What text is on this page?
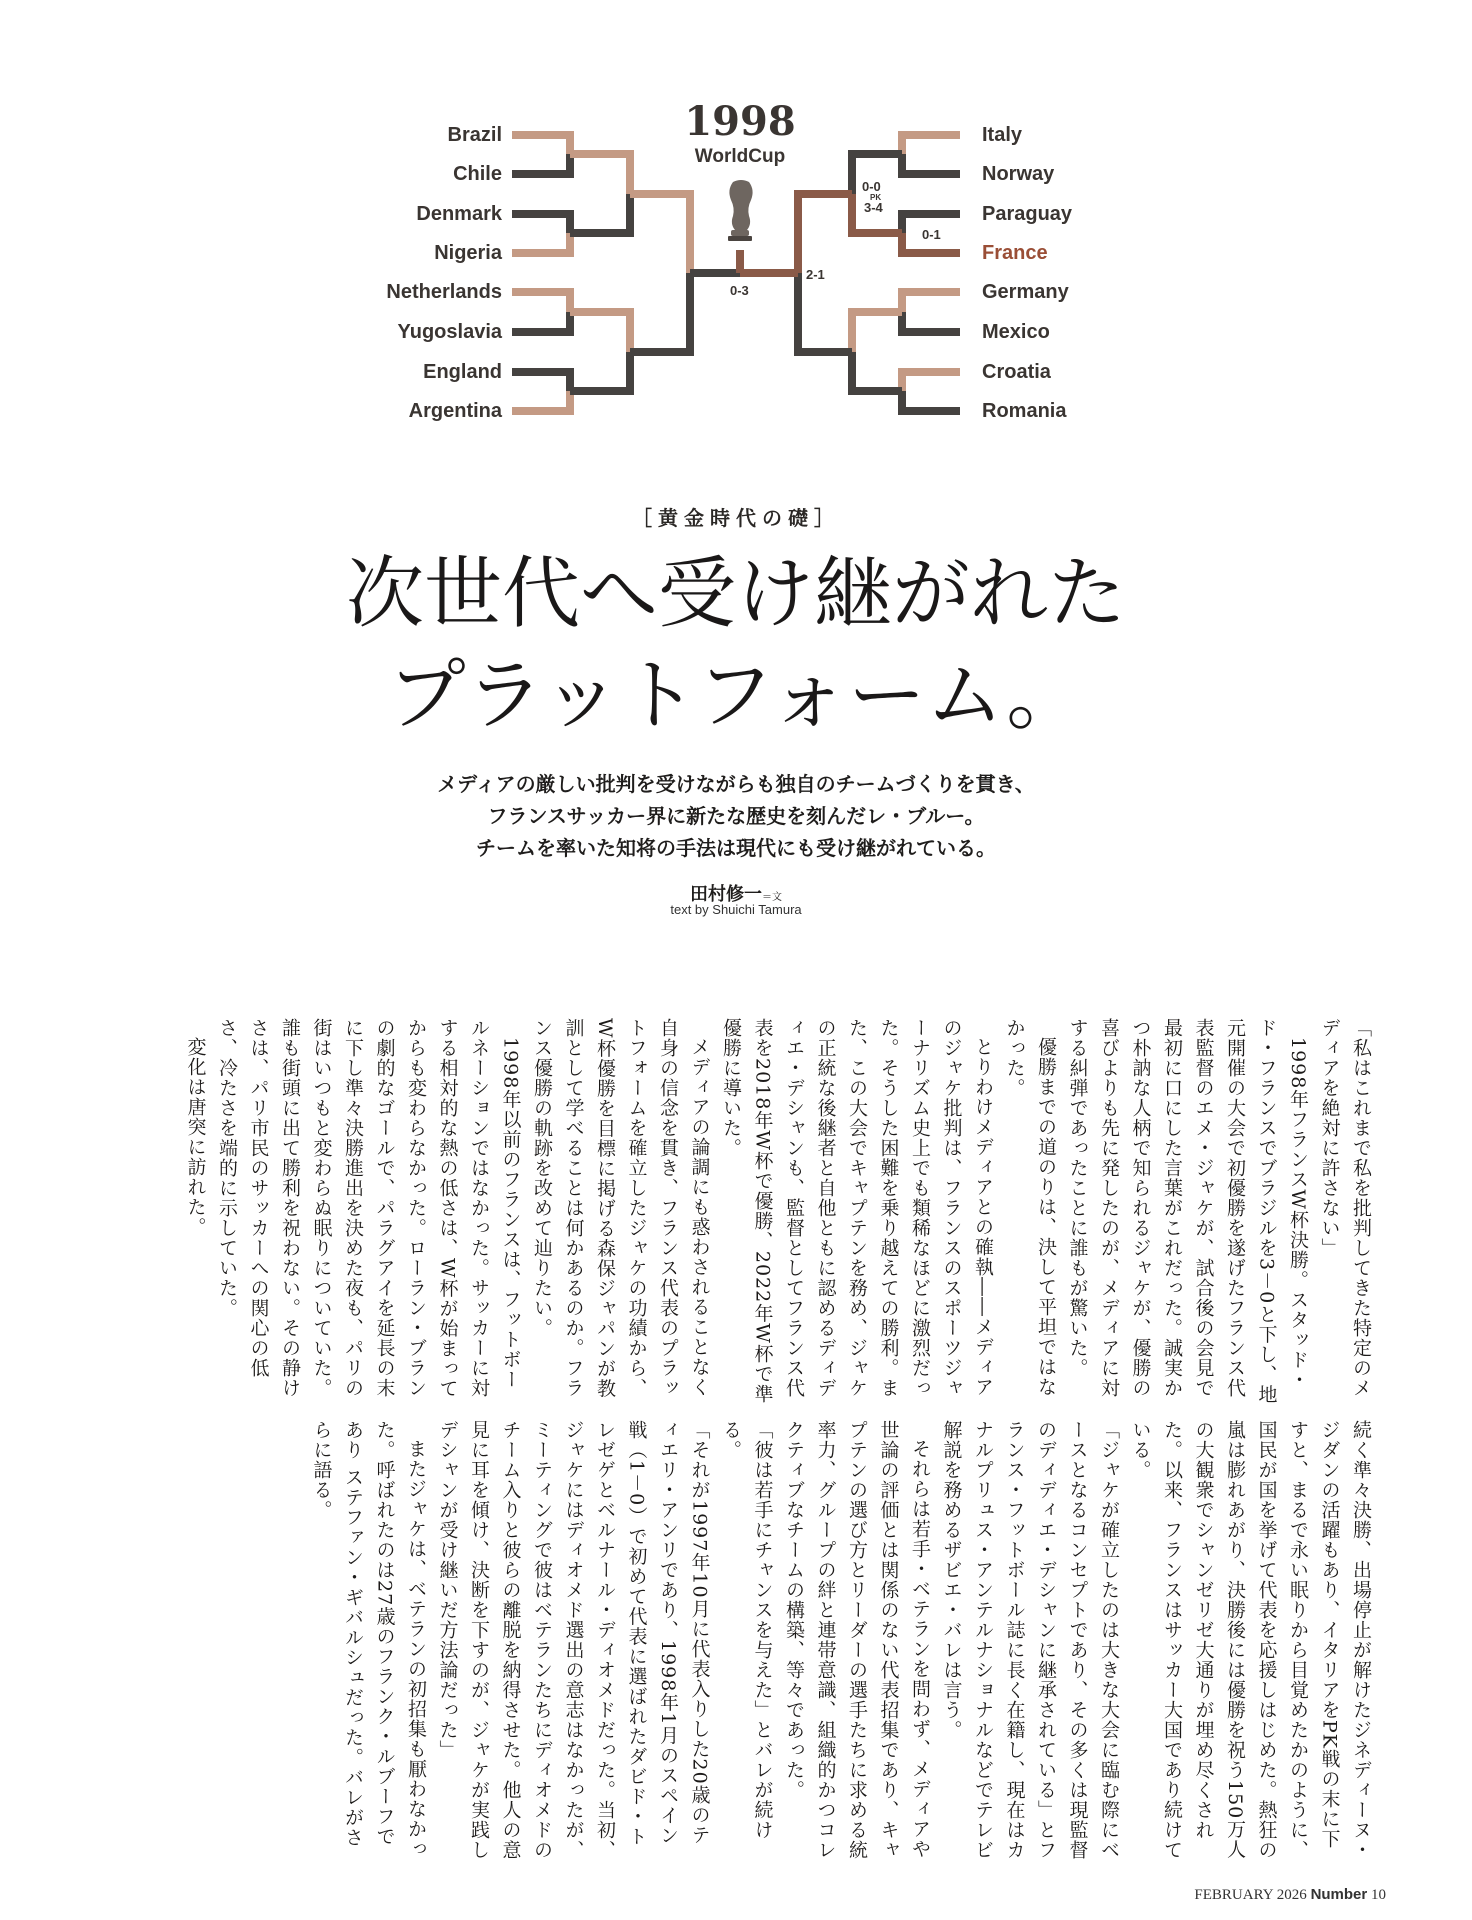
1998
WorldCup
Brazil
Chile
Denmark
Nigeria
Netherlands
Yugoslavia
England
Argentina
Italy
Norway
Paraguay
France
Germany
Mexico
Croatia
Romania
0-3
2-1
0-0
PK
3-4
0-1
［黄金時代の礎］
次世代へ受け継がれた
プラットフォーム。
メディアの厳しい批判を受けながらも独自のチームづくりを貫き、
フランスサッカー界に新たな歴史を刻んだレ・ブルー。
チームを率いた知将の手法は現代にも受け継がれている。
田村修一＝文
text by Shuichi Tamura

「私はこれまで私を批判してきた特定のメディアを絶対に許さない」

1998年フランスW杯決勝。スタッド・ド・フランスでブラジルを3－0と下し、地元開催の大会で初優勝を遂げたフランス代表監督のエメ・ジャケが、試合後の会見で最初に口にした言葉がこれだった。誠実かつ朴訥な人柄で知られるジャケが、優勝の喜びよりも先に発したのが、メディアに対する糾弾であったことに誰もが驚いた。

優勝までの道のりは、決して平坦ではなかった。

とりわけメディアとの確執――メディアのジャケ批判は、フランスのスポーツジャーナリズム史上でも類稀なほどに激烈だった。そうした困難を乗り越えての勝利。また、この大会でキャプテンを務め、ジャケの正統な後継者と自他ともに認めるディディエ・デシャンも、監督としてフランス代表を2018年W杯で優勝、2022年W杯で準優勝に導いた。

メディアの論調にも惑わされることなく自身の信念を貫き、フランス代表のプラットフォームを確立したジャケの功績から、W杯優勝を目標に掲げる森保ジャパンが教訓として学べることは何かあるのか。フランス優勝の軌跡を改めて辿りたい。

1998年以前のフランスは、フットボールネーションではなかった。サッカーに対する相対的な熱の低さは、W杯が始まってからも変わらなかった。ローラン・ブランの劇的なゴールで、パラグアイを延長の末に下し準々決勝進出を決めた夜も、パリの街はいつもと変わらぬ眠りについていた。誰も街頭に出て勝利を祝わない。その静けさは、パリ市民のサッカーへの関心の低さ、冷たさを端的に示していた。

変化は唐突に訪れた。

続く準々決勝、出場停止が解けたジネディーヌ・ジダンの活躍もあり、イタリアをPK戦の末に下すと、まるで永い眠りから目覚めたかのように、国民が国を挙げて代表を応援しはじめた。熱狂の嵐は膨れあがり、決勝後には優勝を祝う150万人の大観衆でシャンゼリゼ大通りが埋め尽くされた。以来、フランスはサッカー大国であり続けている。

「ジャケが確立したのは大きな大会に臨む際にベースとなるコンセプトであり、その多くは現監督のディディエ・デシャンに継承されている」とフランス・フットボール誌に長く在籍し、現在はカナルプリュス・アンテルナショナルなどでテレビ解説を務めるザビエ・バレは言う。

それらは若手・ベテランを問わず、メディアや世論の評価とは関係のない代表招集であり、キャプテンの選び方とリーダーの選手たちに求める統率力、グループの絆と連帯意識、組織的かつコレクティブなチームの構築、等々であった。

「彼は若手にチャンスを与えた」とバレが続ける。

「それが1997年10月に代表入りした20歳のティエリ・アンリであり、1998年1月のスペイン戦（1－0）で初めて代表に選ばれたダビド・トレゼゲとベルナール・ディオメドだった。当初、ジャケにはディオメド選出の意志はなかったが、ミーティングで彼はベテランたちにディオメドのチーム入りと彼らの離脱を納得させた。他人の意見に耳を傾け、決断を下すのが、ジャケが実践しデシャンが受け継いだ方法論だった」

またジャケは、ベテランの初招集も厭わなかった。呼ばれたのは27歳のフランク・ルブーフであり ステファン・ギバルシュだった。バレがさらに語る。

FEBRUARY 2026 Number 10
